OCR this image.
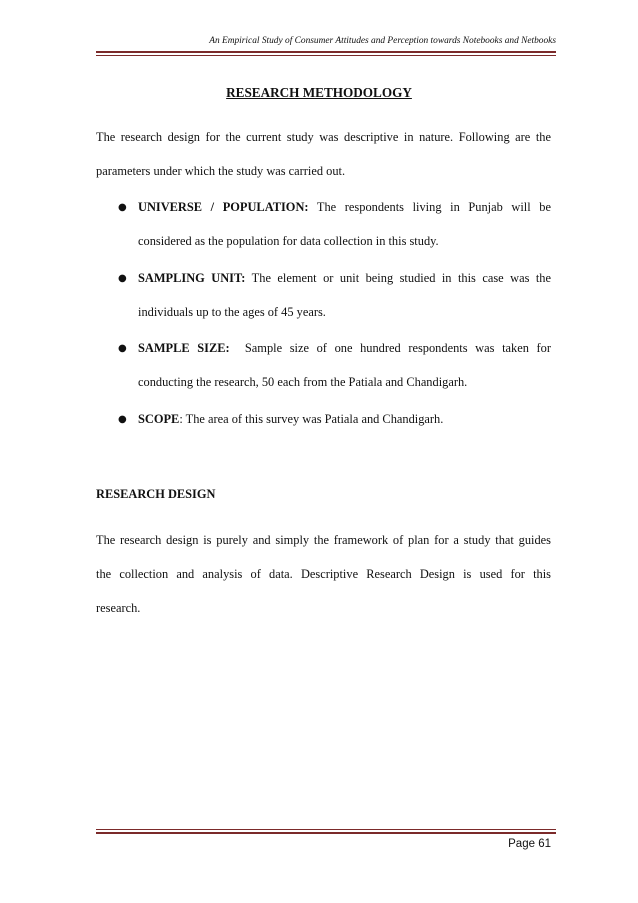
An Empirical Study of Consumer Attitudes and Perception towards Notebooks and Netbooks
RESEARCH METHODOLOGY
The research design for the current study was descriptive in nature. Following are the
parameters under which the study was carried out.
● UNIVERSE / POPULATION: The respondents living in Punjab will be
considered as the population for data collection in this study.
● SAMPLING UNIT: The element or unit being studied in this case was the
individuals up to the ages of 45 years.
● SAMPLE SIZE:  Sample size of one hundred respondents was taken for
conducting the research, 50 each from the Patiala and Chandigarh.
● SCOPE: The area of this survey was Patiala and Chandigarh.
RESEARCH DESIGN
The research design is purely and simply the framework of plan for a study that guides
the collection and analysis of data. Descriptive Research Design is used for this
research.
Page 61
